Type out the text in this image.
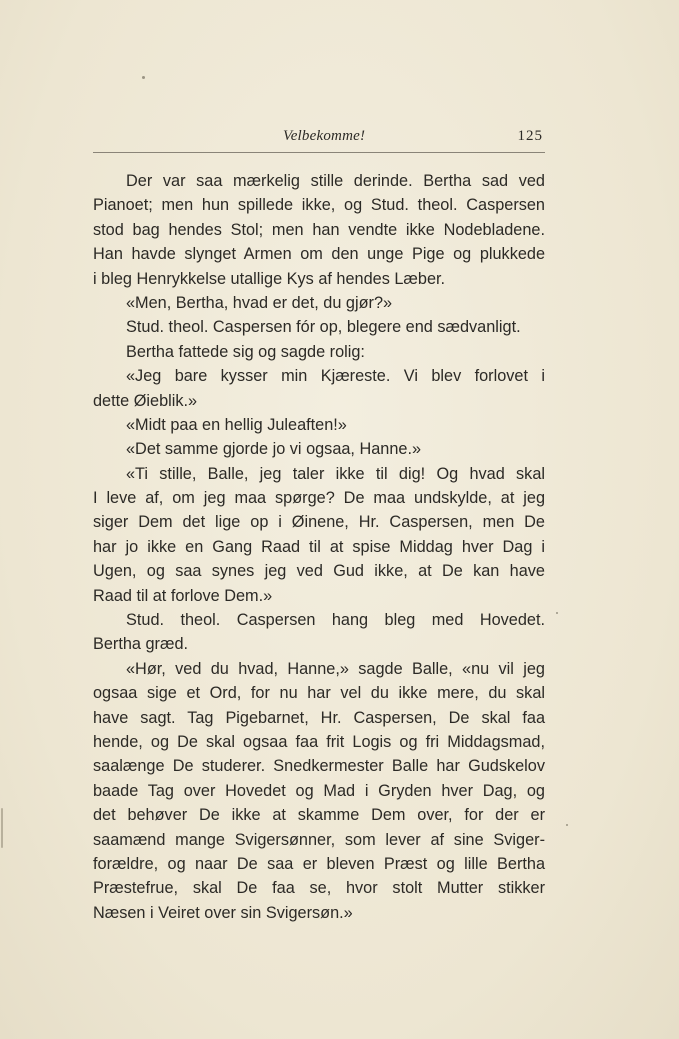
Velbekomme!	125
Der var saa mærkelig stille derinde. Bertha sad ved
Pianoet; men hun spillede ikke, og Stud. theol. Caspersen
stod bag hendes Stol; men han vendte ikke Nodebladene.
Han havde slynget Armen om den unge Pige og plukkede
i bleg Henrykkelse utallige Kys af hendes Læber.
«Men, Bertha, hvad er det, du gjør?»
Stud. theol. Caspersen fór op, blegere end sædvanligt.
Bertha fattede sig og sagde rolig:
«Jeg bare kysser min Kjæreste. Vi blev forlovet i
dette Øieblik.»
«Midt paa en hellig Juleaften!»
«Det samme gjorde jo vi ogsaa, Hanne.»
«Ti stille, Balle, jeg taler ikke til dig! Og hvad skal
I leve af, om jeg maa spørge? De maa undskylde, at jeg
siger Dem det lige op i Øinene, Hr. Caspersen, men De
har jo ikke en Gang Raad til at spise Middag hver Dag i
Ugen, og saa synes jeg ved Gud ikke, at De kan have
Raad til at forlove Dem.»
Stud. theol. Caspersen hang bleg med Hovedet.
Bertha græd.
«Hør, ved du hvad, Hanne,» sagde Balle, «nu vil jeg
ogsaa sige et Ord, for nu har vel du ikke mere, du skal
have sagt. Tag Pigebarnet, Hr. Caspersen, De skal faa
hende, og De skal ogsaa faa frit Logis og fri Middagsmad,
saalænge De studerer. Snedkermester Balle har Gudskelov
baade Tag over Hovedet og Mad i Gryden hver Dag, og
det behøver De ikke at skamme Dem over, for der er
saamænd mange Svigersønner, som lever af sine Sviger-
forældre, og naar De saa er bleven Præst og lille Bertha
Præstefrue, skal De faa se, hvor stolt Mutter stikker
Næsen i Veiret over sin Svigersøn.»
